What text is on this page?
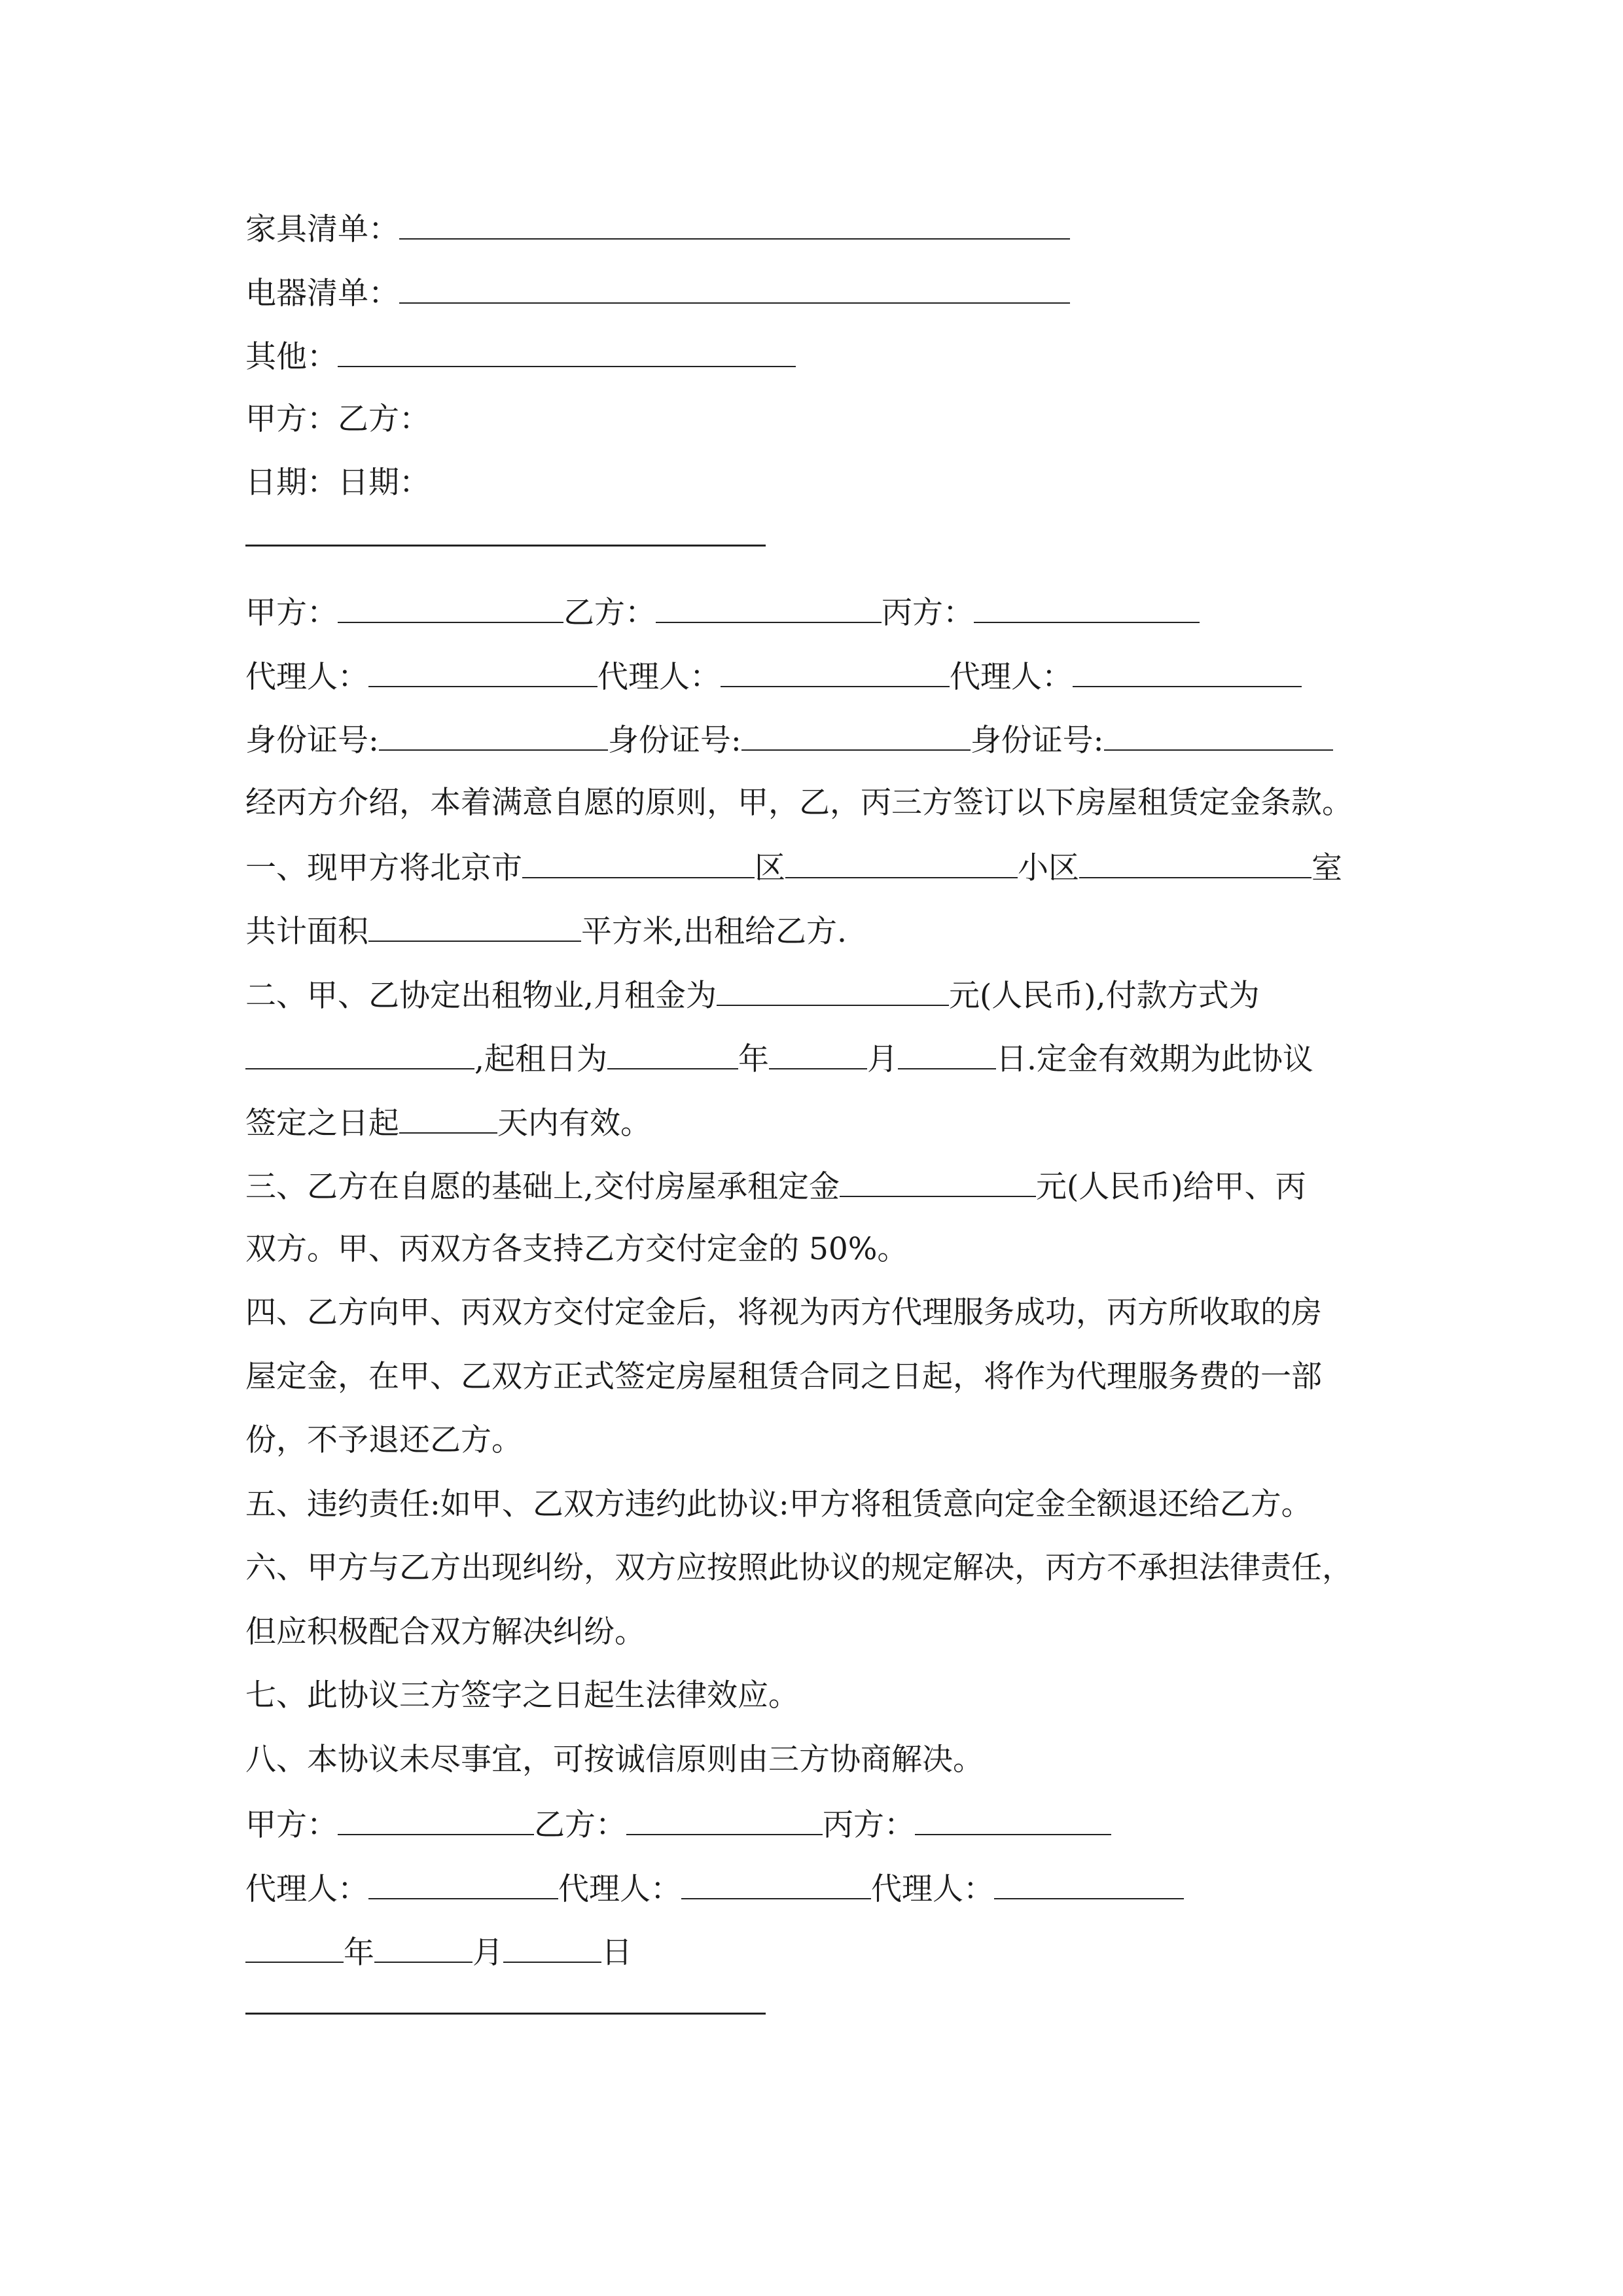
家具清单：
电器清单：
其他：
甲方：乙方：
日期：日期：
甲方：	乙方：	丙方：
代理人：	代理人：	代理人：
身份证号:	身份证号:	身份证号:
经丙方介绍，本着满意自愿的原则，甲，乙，丙三方签订以下房屋租赁定金条款。
一、现甲方将北京市	区	小区	室
共计面积	平方米,出租给乙方.
二、甲、乙协定出租物业,月租金为	元(人民币),付款方式为
,起租日为	年	月	日.定金有效期为此协议
签定之日起	天内有效。
三、乙方在自愿的基础上,交付房屋承租定金	元(人民币)给甲、丙
双方。甲、丙双方各支持乙方交付定金的 50%。
四、乙方向甲、丙双方交付定金后，将视为丙方代理服务成功，丙方所收取的房
屋定金，在甲、乙双方正式签定房屋租赁合同之日起，将作为代理服务费的一部
份，不予退还乙方。
五、违约责任:如甲、乙双方违约此协议:甲方将租赁意向定金全额退还给乙方。
六、甲方与乙方出现纠纷，双方应按照此协议的规定解决，丙方不承担法律责任，
但应积极配合双方解决纠纷。
七、此协议三方签字之日起生法律效应。
八、本协议未尽事宜，可按诚信原则由三方协商解决。
甲方：	乙方：	丙方：
代理人：	代理人：	代理人：
年	月	日
